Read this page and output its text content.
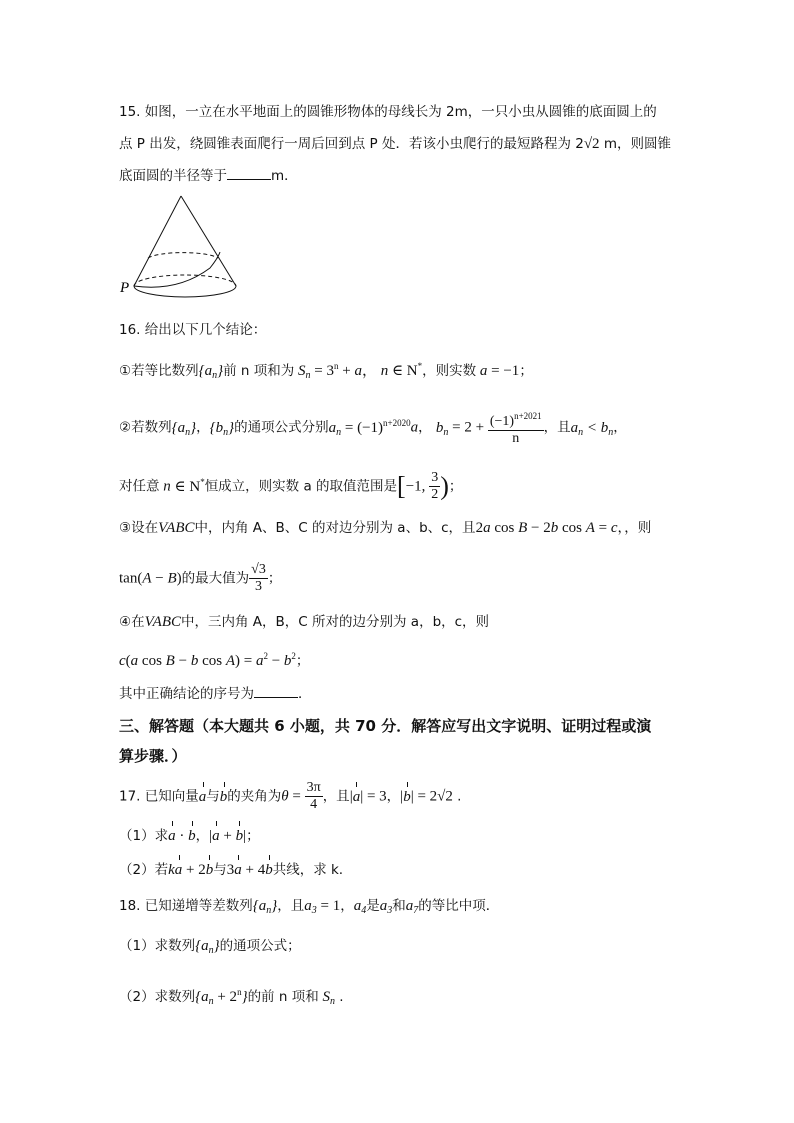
15. 如图，一立在水平地面上的圆锥形物体的母线长为 2m，一只小虫从圆锥的底面圆上的
点 P 出发，绕圆锥表面爬行一周后回到点 P 处．若该小虫爬行的最短路程为 2√2 m，则圆锥
底面圆的半径等于	m．
P
16. 给出以下几个结论：
①若等比数列$\{a_n\}$前 n 项和为 $S_n = 3^n + a$， n ∈ N*，则实数 a = −1；
②若数列$\{a_n\}$，$\{b_n\}$的通项公式分别$a_n = (-1)^{n+2020}a$， $b_n = 2 + \frac{(-1)^{n+2021}}{n}$ ，且$a_n < b_n$，
对任意 n ∈ N*恒成立，则实数 a 的取值范围是[−1, $\frac{3}{2}$ )；
③设在VABC中，内角 A、B、C 的对边分别为 a、b、c，且2a cos B − 2b cos A = c，，则
tan(A − B)的最大值为 $\frac{√3}{3}$ ；
④在VABC中，三内角 A，B，C 所对的边分别为 a，b，c，则
c(a cos B − b $\cos A) = a^2 - b^2$；
其中正确结论的序号为	．
三、解答题（本大题共 6 小题，共 70 分．解答应写出文字说明、证明过程或演
算步骤．）
17. 已知向量a与b的夹角为$\theta = \frac{3\pi}{4}$ ，且|a| = 3，|b| = 2√2 .
（1）求a · b，|a + b|；
（2）若ka + 2b与3a + 4b共线，求 k.
18. 已知递增等差数列$\{a_n\}$，且$a_3 = 1$，$a_4$是$a_3$和$a_7$的等比中项．
（1）求数列$\{a_n\}$的通项公式；
（2）求数列$\{a_n + 2^n\}$的前 n 项和 $S_n$ .
